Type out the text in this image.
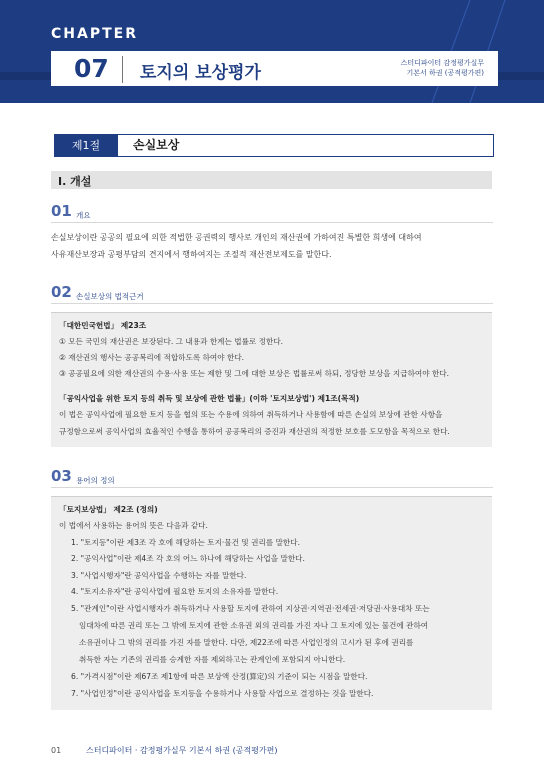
CHAPTER
07 토지의 보상평가	스터디파이터 감정평가실무
기본서 하권 (공적평가편)
제1절	손실보상
I. 개설
01 개요
손실보상이란 공공의 필요에 의한 적법한 공권력의 행사로 개인의 재산권에 가하여진 특별한 희생에 대하여
사유재산보장과 공평부담의 견지에서 행하여지는 조절적 재산전보제도를 말한다.
02 손실보상의 법적근거
「대한민국헌법」 제23조
① 모든 국민의 재산권은 보장된다. 그 내용과 한계는 법률로 정한다.
② 재산권의 행사는 공공복리에 적합하도록 하여야 한다.
③ 공공필요에 의한 재산권의 수용·사용 또는 제한 및 그에 대한 보상은 법률로써 하되, 정당한 보상을 지급하여야 한다.
「공익사업을 위한 토지 등의 취득 및 보상에 관한 법률」(이하 '토지보상법') 제1조(목적)
이 법은 공익사업에 필요한 토지 등을 협의 또는 수용에 의하여 취득하거나 사용함에 따른 손실의 보상에 관한 사항을
규정함으로써 공익사업의 효율적인 수행을 통하여 공공복리의 증진과 재산권의 적정한 보호를 도모함을 목적으로 한다.
03 용어의 정의
「토지보상법」 제2조 (정의)
이 법에서 사용하는 용어의 뜻은 다음과 같다.
1. "토지등"이란 제3조 각 호에 해당하는 토지·물건 및 권리를 말한다.
2. "공익사업"이란 제4조 각 호의 어느 하나에 해당하는 사업을 말한다.
3. "사업시행자"란 공익사업을 수행하는 자를 말한다.
4. "토지소유자"란 공익사업에 필요한 토지의 소유자를 말한다.
5. "관계인"이란 사업시행자가 취득하거나 사용할 토지에 관하여 지상권·지역권·전세권·저당권·사용대차 또는
임대차에 따른 권리 또는 그 밖에 토지에 관한 소유권 외의 권리를 가진 자나 그 토지에 있는 물건에 관하여
소유권이나 그 밖의 권리를 가진 자를 말한다. 다만, 제22조에 따른 사업인정의 고시가 된 후에 권리를
취득한 자는 기존의 권리를 승계한 자를 제외하고는 관계인에 포함되지 아니한다.
6. "가격시점"이란 제67조 제1항에 따른 보상액 산정(算定)의 기준이 되는 시점을 말한다.
7. "사업인정"이란 공익사업을 토지등을 수용하거나 사용할 사업으로 결정하는 것을 말한다.
01	스터디파이터 · 감정평가실무 기본서 하권 (공적평가편)
